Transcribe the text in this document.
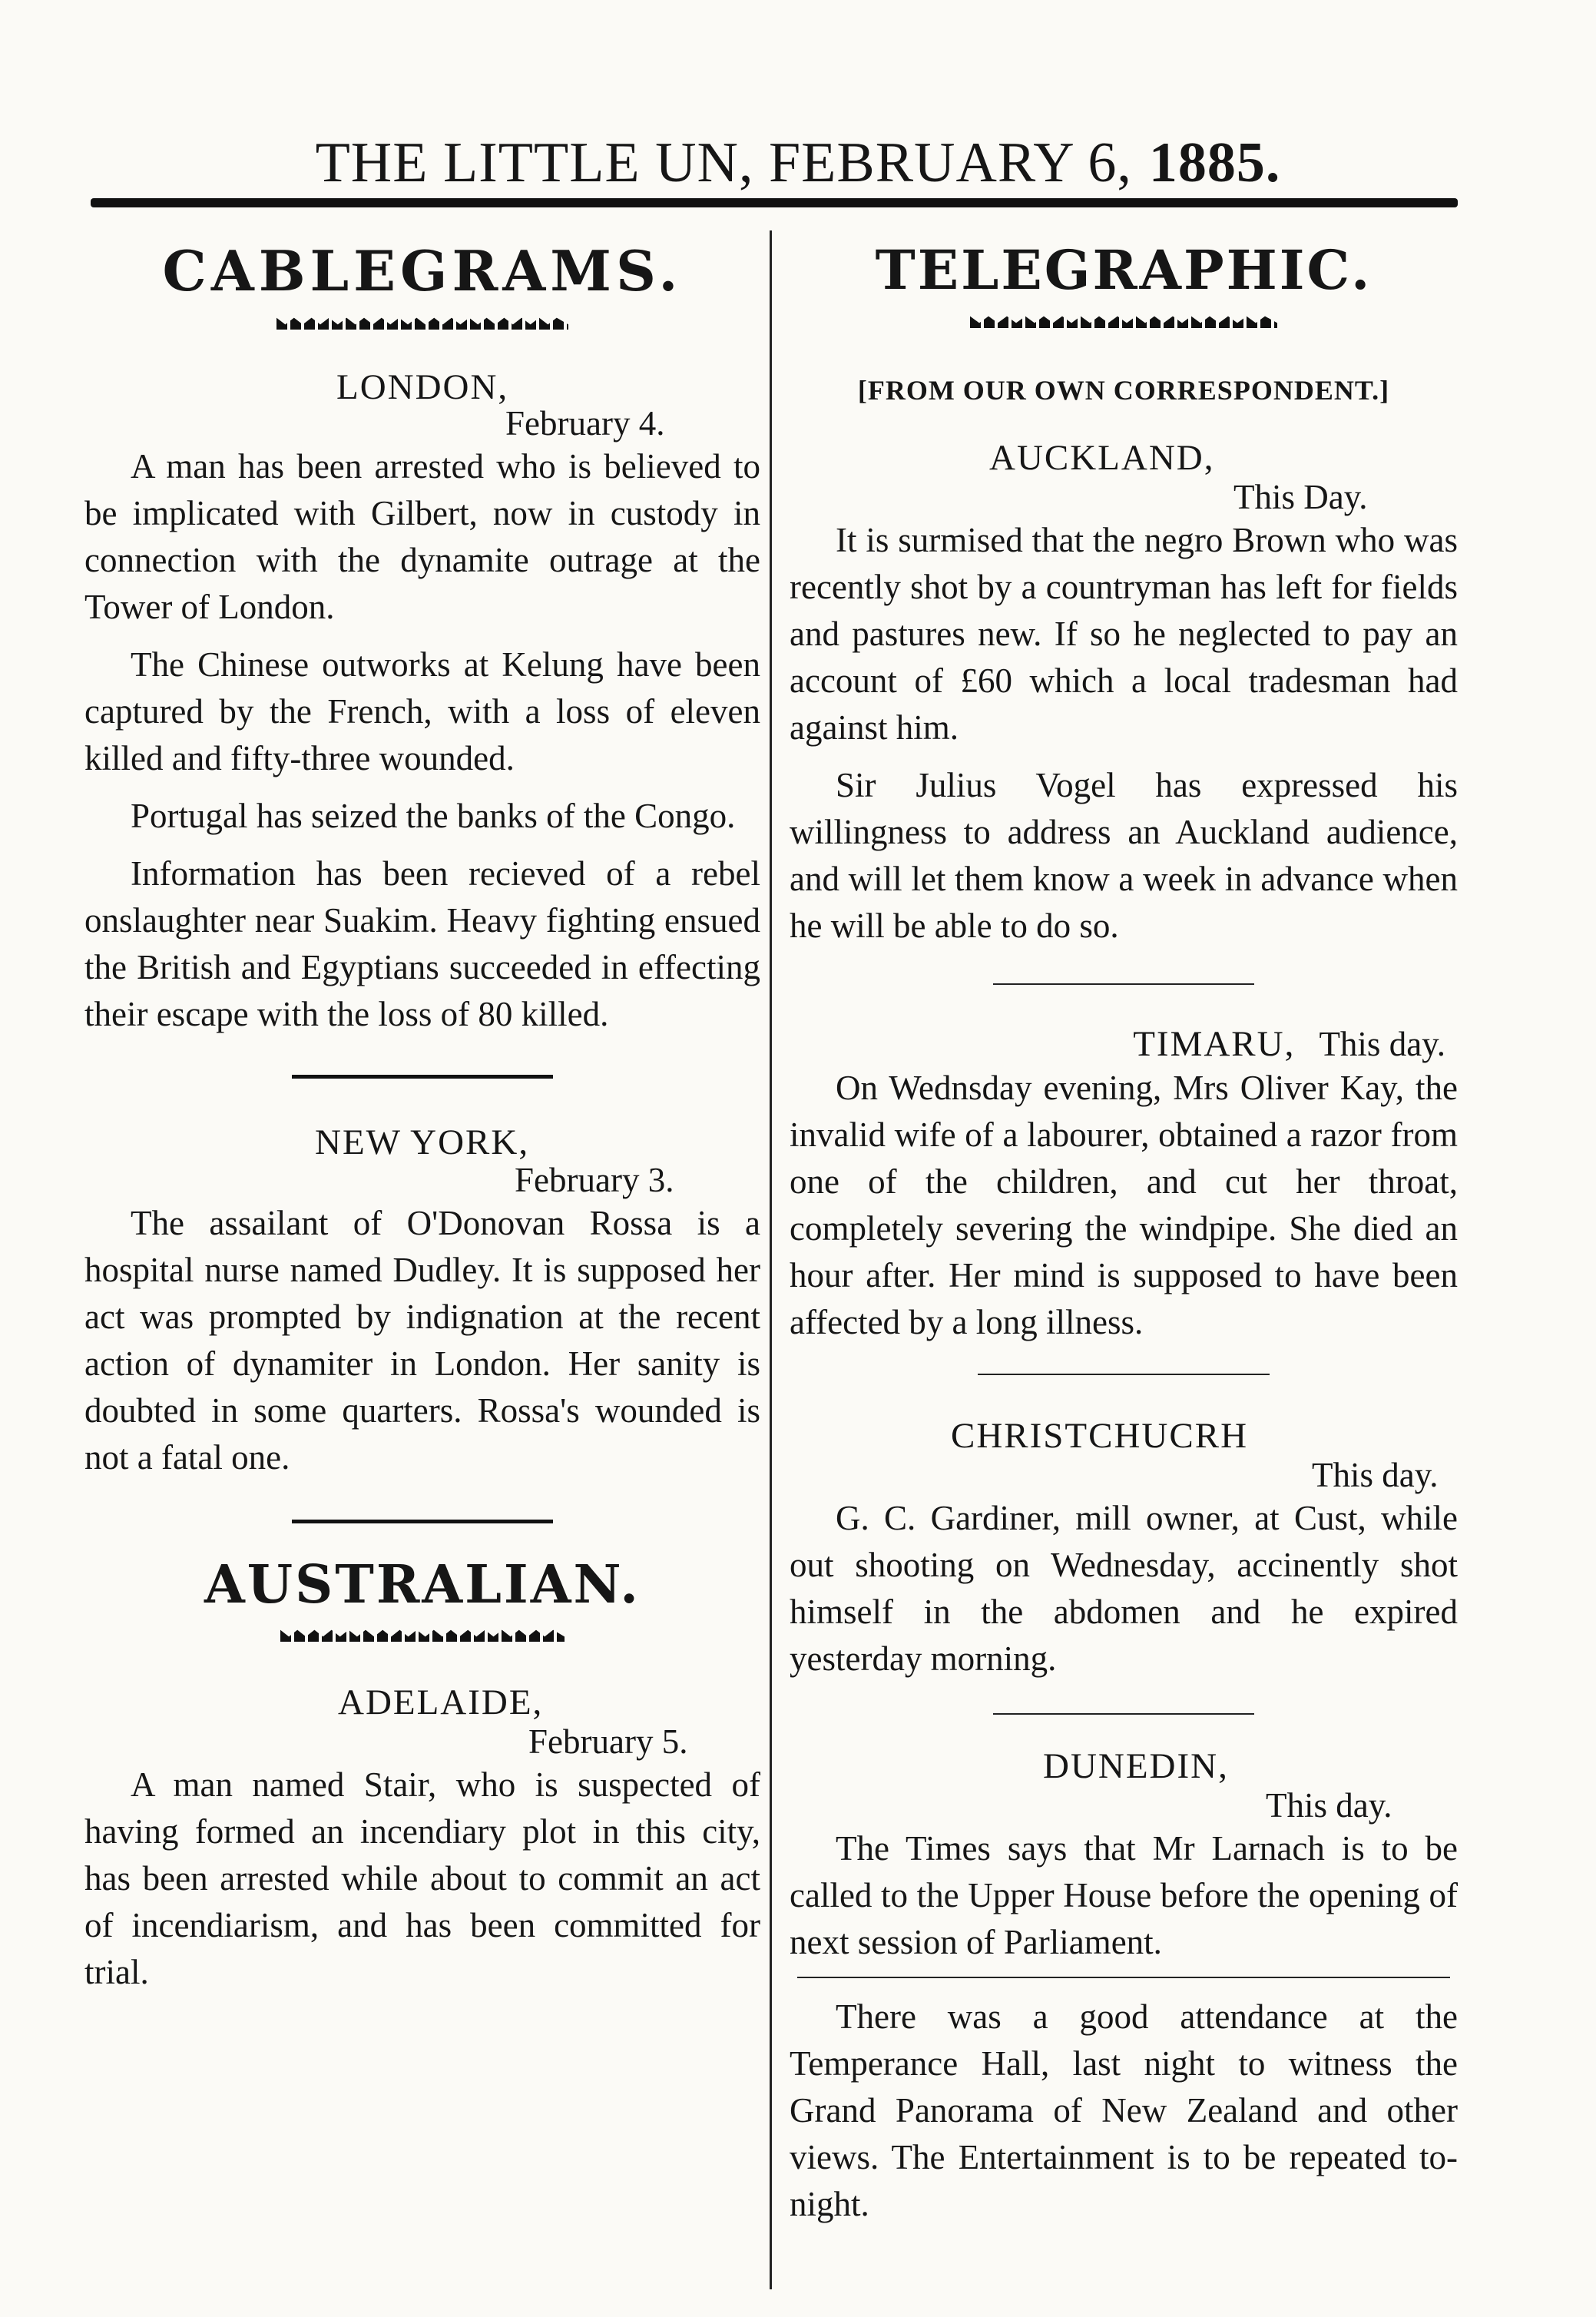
THE LITTLE UN, FEBRUARY 6, 1885.
CABLEGRAMS.
LONDON,
February 4.

A man has been arrested who is believed to be implicated with Gilbert, now in custody in connection with the dynamite outrage at the Tower of London.

The Chinese outworks at Kelung have been captured by the French, with a loss of eleven killed and fifty-three wounded.

Portugal has seized the banks of the Congo.

Information has been recieved of a rebel onslaughter near Suakim. Heavy fighting ensued the British and Egyptians succeeded in effecting their escape with the loss of 80 killed.

NEW YORK,
February 3.

The assailant of O'Donovan Rossa is a hospital nurse named Dudley. It is supposed her act was prompted by indignation at the recent action of dynamiter in London. Her sanity is doubted in some quarters. Rossa's wounded is not a fatal one.

AUSTRALIAN.
ADELAIDE,
February 5.

A man named Stair, who is suspected of having formed an incendiary plot in this city, has been arrested while about to commit an act of incendiarism, and has been committed for trial.

TELEGRAPHIC.
[FROM OUR OWN CORRESPONDENT.]
AUCKLAND,
This Day.

It is surmised that the negro Brown who was recently shot by a countryman has left for fields and pastures new. If so he neglected to pay an account of £60 which a local tradesman had against him.

Sir Julius Vogel has expressed his willingness to address an Auckland audience, and will let them know a week in advance when he will be able to do so.

TIMARU, This day.

On Wednsday evening, Mrs Oliver Kay, the invalid wife of a labourer, obtained a razor from one of the children, and cut her throat, completely severing the windpipe. She died an hour after. Her mind is supposed to have been affected by a long illness.

CHRISTCHUCRH
This day.

G. C. Gardiner, mill owner, at Cust, while out shooting on Wednesday, accinently shot himself in the abdomen and he expired yesterday morning.

DUNEDIN,
This day.

The Times says that Mr Larnach is to be called to the Upper House before the opening of next session of Parliament.

There was a good attendance at the Temperance Hall, last night to witness the Grand Panorama of New Zealand and other views. The Entertainment is to be repeated to-night.
